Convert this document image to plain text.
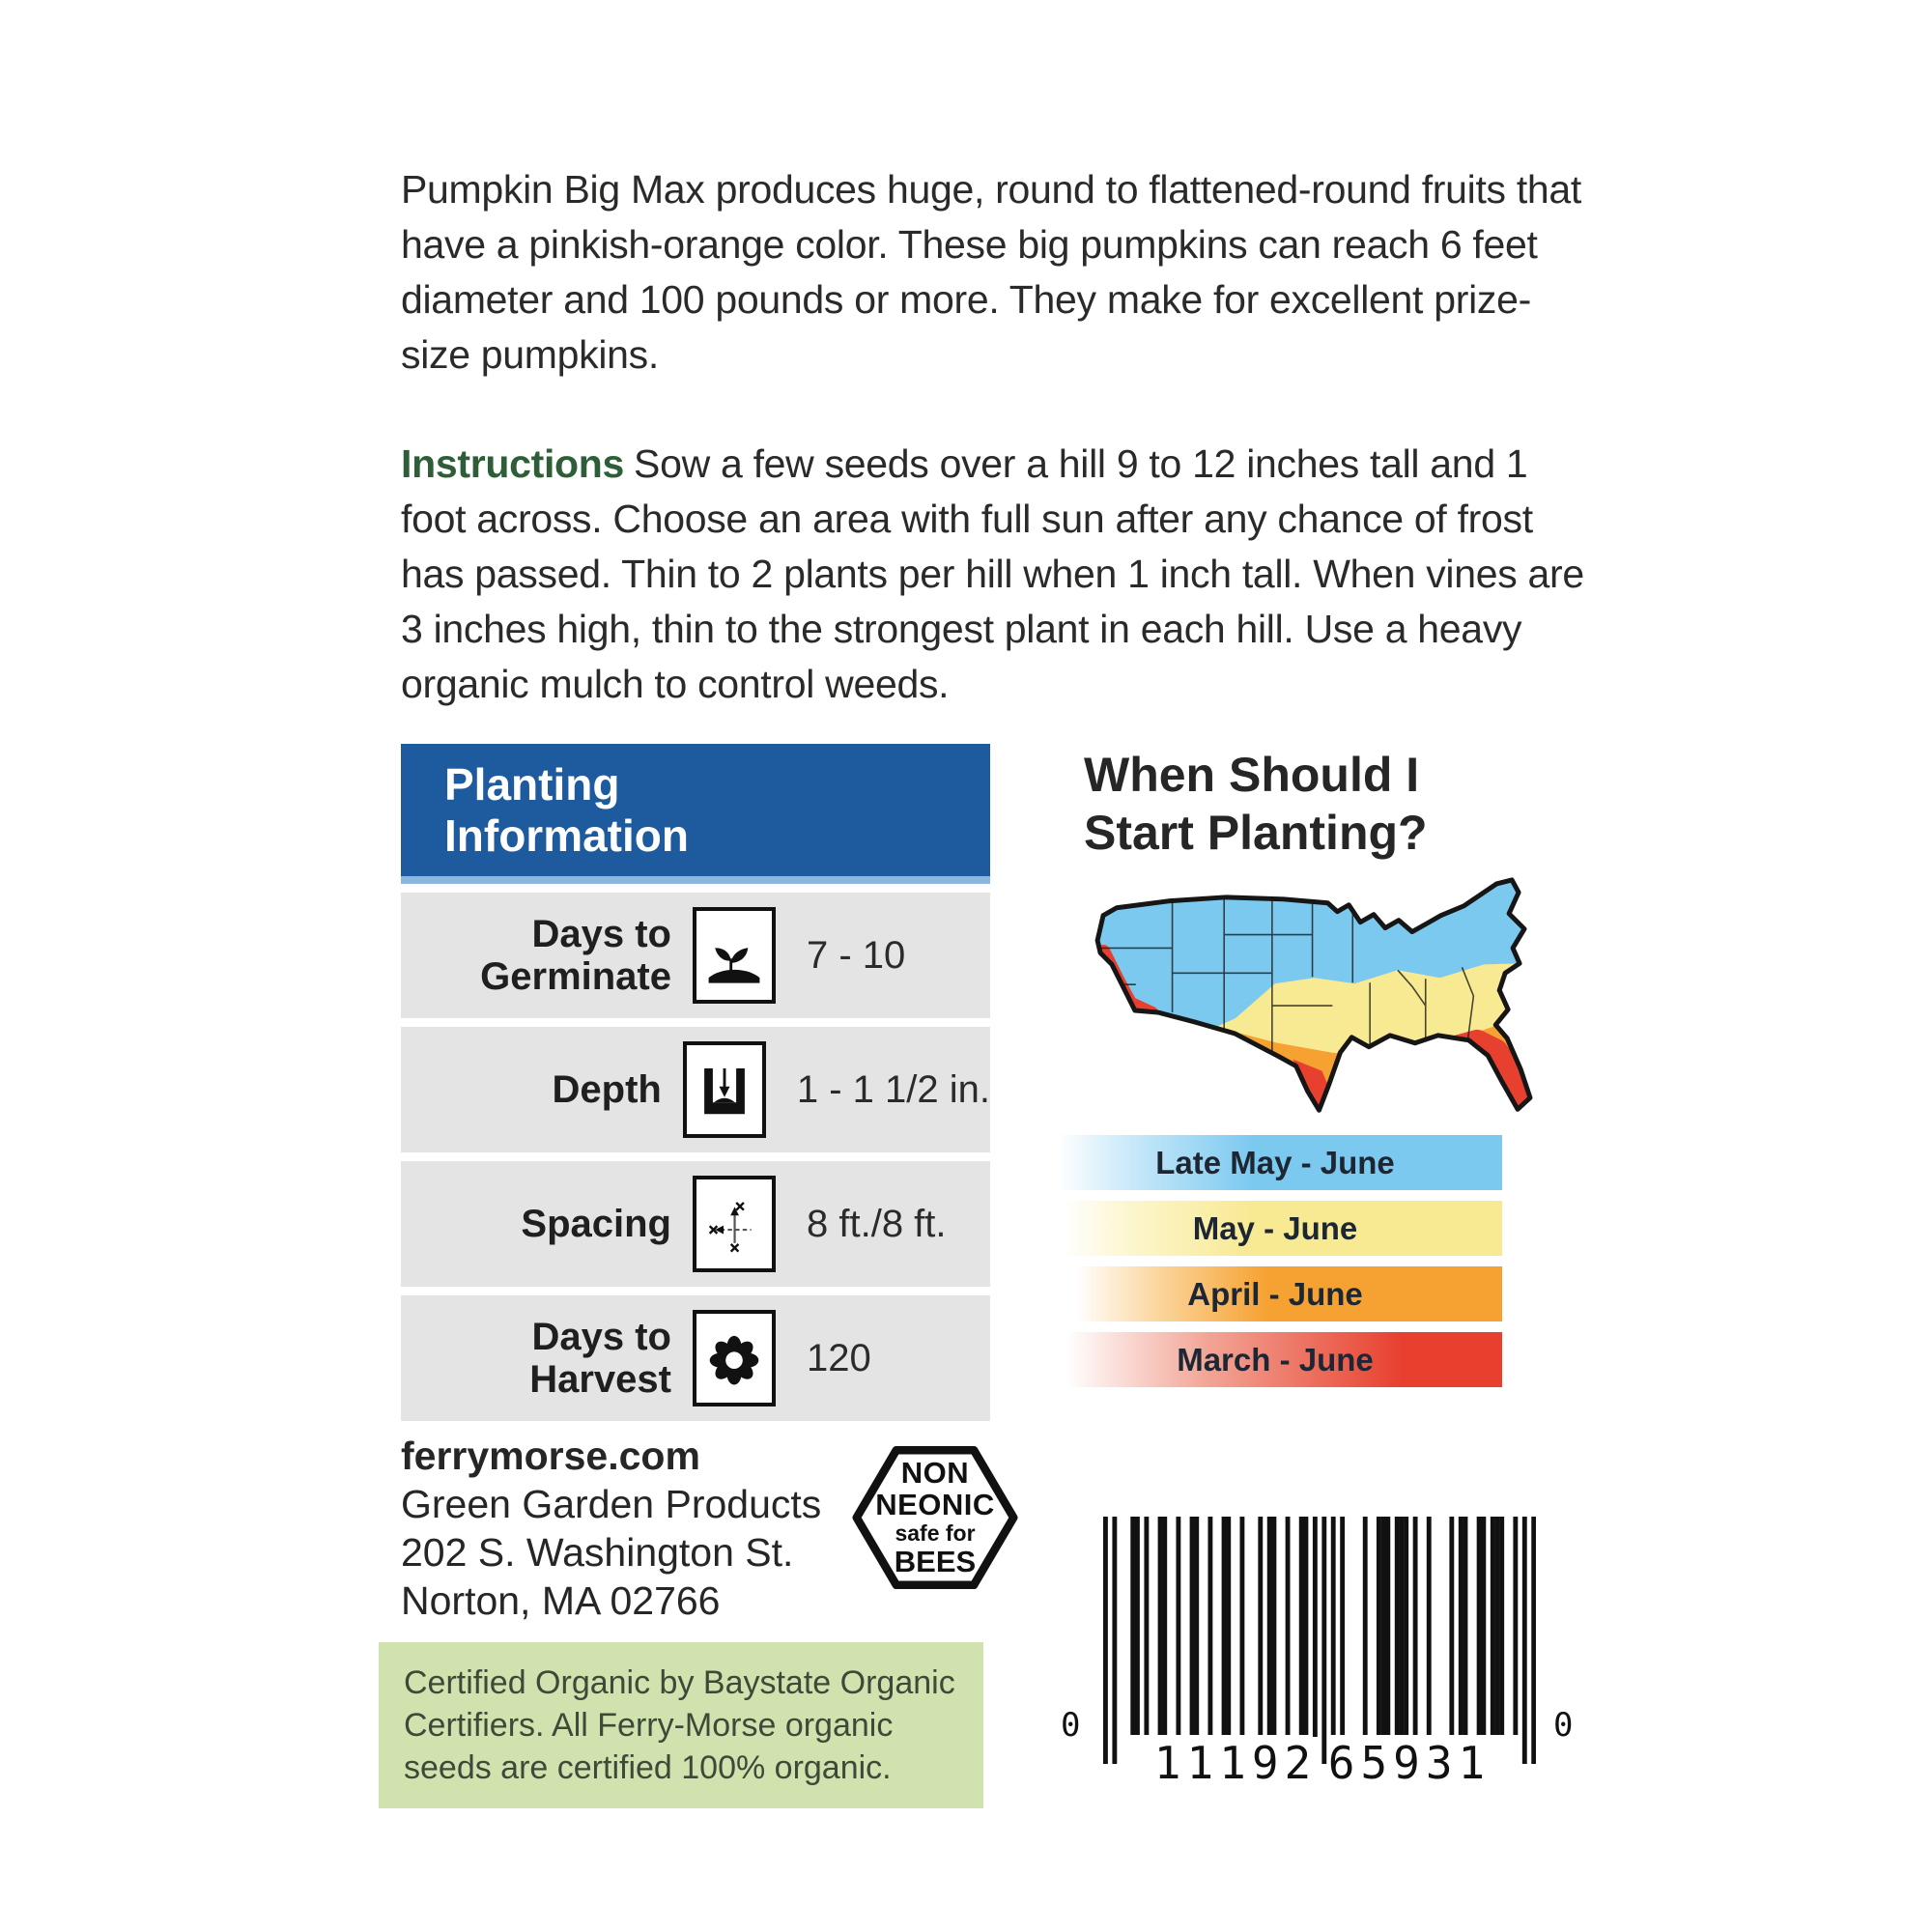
Pumpkin Big Max produces huge, round to flattened-round fruits that have a pinkish-orange color. These big pumpkins can reach 6 feet diameter and 100 pounds or more. They make for excellent prize-size pumpkins.

Instructions Sow a few seeds over a hill 9 to 12 inches tall and 1 foot across. Choose an area with full sun after any chance of frost has passed. Thin to 2 plants per hill when 1 inch tall. When vines are 3 inches high, thin to the strongest plant in each hill. Use a heavy organic mulch to control weeds.

Planting Information
Days to Germinate
7 - 10
Depth	1 - 1 1/2 in.
Spacing	8 ft./8 ft.
Days to Harvest
120
When Should I Start Planting?
Late May - June
May - June
April - June
March - June
ferrymorse.com
Green Garden Products
202 S. Washington St.
Norton, MA 02766
NON
NEONIC
safe for
BEES
Certified Organic by Baystate Organic Certifiers. All Ferry-Morse organic seeds are certified 100% organic.
0
11192 65931
0
